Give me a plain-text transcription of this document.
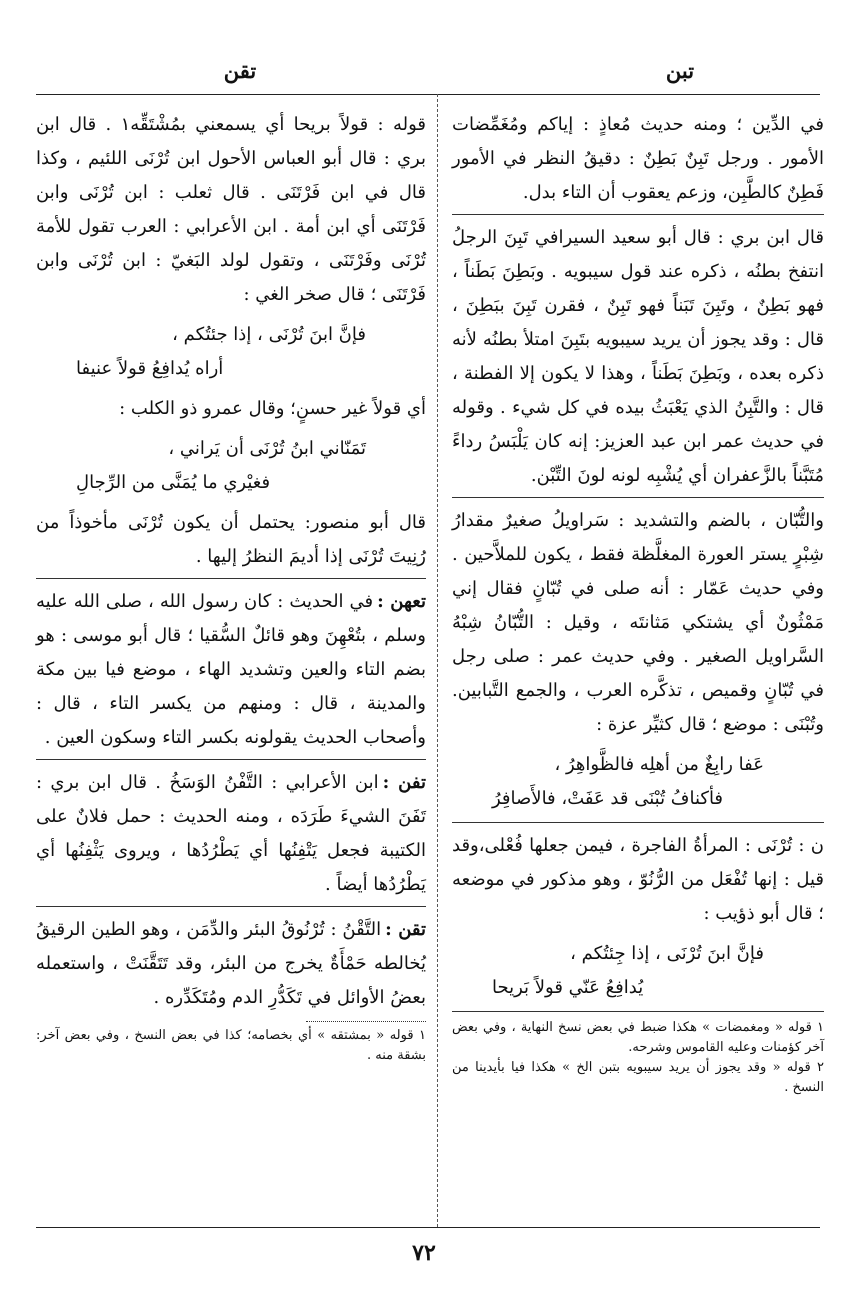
تبن
تقن

في الدِّين ؛ ومنه حديث مُعاذٍ : إياكم ومُغَمِّضات الأمور . ورجل تَبِنٌ بَطِنٌ : دقيقُ النظر في الأمور فَطِنٌ كالطَّبِن، وزعم يعقوب أن التاء بدل.

قال ابن بري : قال أبو سعيد السيرافي تَبِنَ الرجلُ انتفخ بطنُه ، ذكره عند قول سيبويه . وبَطِنَ بَطَناً ، فهو بَطِنٌ ، وتَبِنَ تَبَناً فهو تَبِنٌ ، فقرن تَبِنَ ببَطِنَ ، قال : وقد يجوز أن يريد سيبويه بتَبِنَ امتلأ بطنُه لأنه ذكره بعده ، وبَطِنَ بَطَناً ، وهذا لا يكون إلا الفطنة ، قال : والتَّبِنُ الذي يَعْبَثُ بيده في كل شيء . وقوله في حديث عمر ابن عبد العزيز: إنه كان يَلْبَسُ رداءً مُتَبَّناً بالزَّعفران أي يُشْبِه لونه لونَ التِّبْن.

والتُّبّان ، بالضم والتشديد : سَراويلُ صغيرٌ مقدارُ شِبْرٍ يستر العورة المغلَّظة فقط ، يكون للملاَّحين . وفي حديث عَمّار : أنه صلى في تُبّانٍ فقال إني مَمْثُونٌ أي يشتكي مَثانتَه ، وقيل : التُّبّانُ شِبْهُ السَّراويل الصغير . وفي حديث عمر : صلى رجل في تُبّانٍ وقميص ، تذكَّره العرب ، والجمع التَّبابين. وتُبْنَى : موضع ؛ قال كثيِّر عزة :

عَفا رابِغٌ من أهلِه فالظَّواهِرُ ،
فأكنافُ تُبْنَى قد عَفَتْ، فالأَصافِرُ

ن : تُرْنَى : المرأةُ الفاجرة ، فيمن جعلها فُعْلى،وقد قيل : إنها تُفْعَل من الرُّنُوّ ، وهو مذكور في موضعه ؛ قال أبو ذؤيب :

فإنَّ ابنَ تُرْنَى ، إذا جِئتُكم ،
يُدافِعُ عَنّي قولاً بَريحا

١ قوله « ومغمضات » هكذا ضبط في بعض نسخ النهاية ، وفي بعض آخر كؤمنات وعليه القاموس وشرحه.

٢ قوله « وقد يجوز أن يريد سيبويه بتبن الخ » هكذا فيا بأيدينا من النسخ .

قوله : قولاً بريحا أي يسمعني بمُشْتَقِّه١ . قال ابن بري : قال أبو العباس الأحول ابن تُرْنَى اللئيم ، وكذا قال في ابن فَرْتَنَى . قال ثعلب : ابن تُرْنَى وابن فَرْتَنَى أي ابن أمة . ابن الأعرابي : العرب تقول للأمة تُرْنَى وفَرْتَنَى ، وتقول لولد البَغيّ : ابن تُرْنَى وابن فَرْتَنَى ؛ قال صخر الغي :

فإنَّ ابنَ تُرْنَى ، إذا جئتُكم ،
أراه يُدافِعُ قولاً عنيفا

أي قولاً غير حسنٍ؛ وقال عمرو ذو الكلب :

تَمَنّاني ابنُ تُرْنَى أن يَراني ،
فغيْري ما يُمَنَّى من الرِّجالِ

قال أبو منصور: يحتمل أن يكون تُرْنَى مأخوذاً من رُنِيتَ تُرْنَى إذا أديمَ النظرُ إليها .

تعهن :في الحديث : كان رسول الله ، صلى الله عليه وسلم ، بتُعْهِنَ وهو قائلٌ السُّقيا ؛ قال أبو موسى : هو بضم التاء والعين وتشديد الهاء ، موضع فيا بين مكة والمدينة ، قال : ومنهم من يكسر التاء ، قال : وأصحاب الحديث يقولونه بكسر التاء وسكون العين .

تفن :ابن الأعرابي : التَّفْنُ الوَسَخُ . قال ابن بري : تَفَنَ الشيءَ طَرَدَه ، ومنه الحديث : حمل فلانٌ على الكتيبة فجعل يَتْفِنُها أي يَطْرُدُها ، ويروى يَثْفِنُها أي يَطْرُدُها أيضاً .

تقن :التَّقْنُ : تُرْنُوقُ البئر والدِّمَن ، وهو الطين الرقيقُ يُخالطه حَمْأَةٌ يخرج من البئر، وقد تَتَقَّنَتْ ، واستعمله بعضُ الأوائل في تَكَدُّرِ الدم ومُتَكَدِّره .

١ قوله « بمشتقه » أي بخصامه؛ كذا في بعض النسخ ، وفي بعض آخر: بشقة منه .

٧٢
